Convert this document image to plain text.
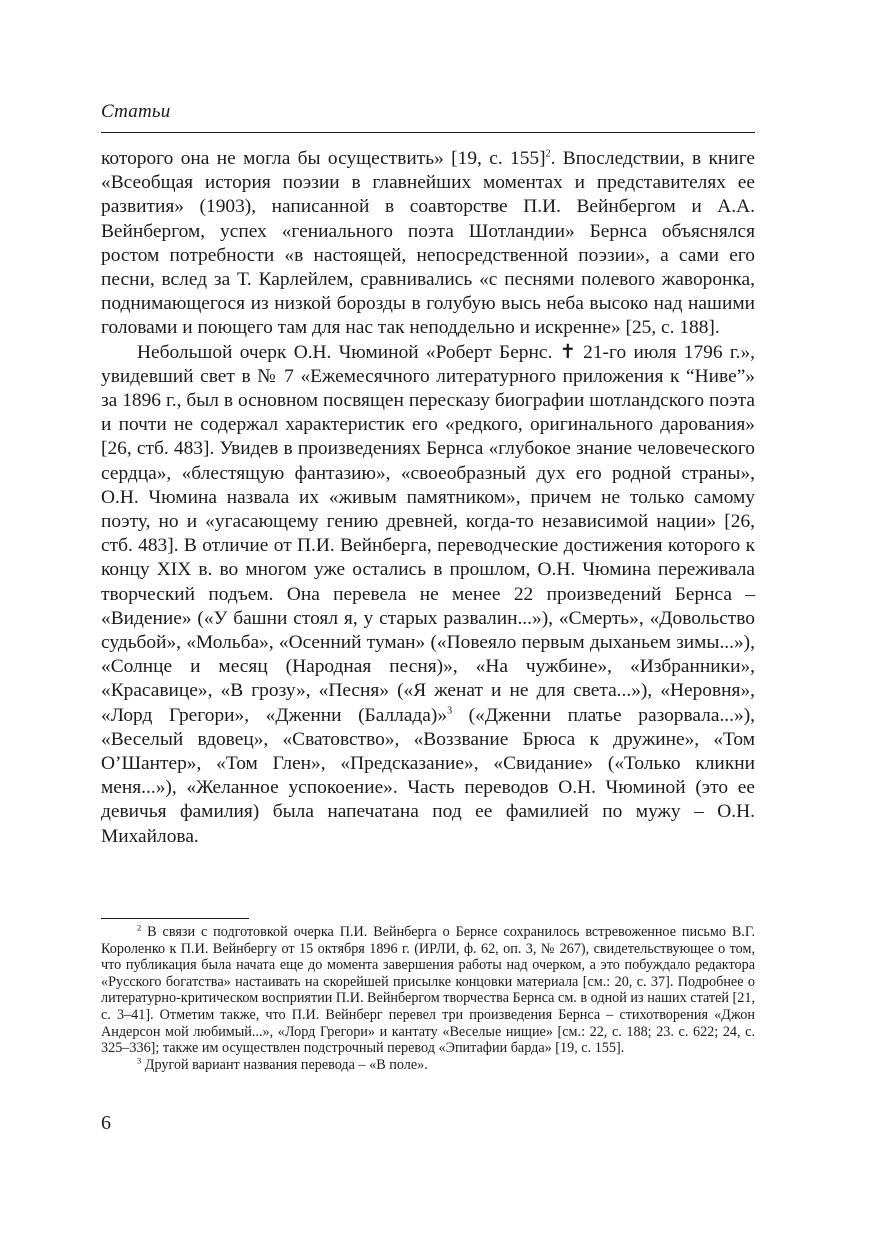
Статьи

которого она не могла бы осуществить» [19, с. 155]$^2$. Впоследствии, в книге «Всеобщая история поэзии в главнейших моментах и представителях ее развития» (1903), написанной в соавторстве П.И. Вейнбергом и А.А. Вейнбергом, успех «гениального поэта Шотландии» Бернса объяснялся ростом потребности «в настоящей, непосредственной поэзии», а сами его песни, вслед за Т. Карлейлем, сравнивались «с песнями полевого жаворонка, поднимающегося из низкой борозды в голубую высь неба высоко над нашими головами и поющего там для нас так неподдельно и искренне» [25, с. 188].

Небольшой очерк О.Н. Чюминой «Роберт Бернс. ✝ 21-го июля 1796 г.», увидевший свет в № 7 «Ежемесячного литературного приложения к “Ниве”» за 1896 г., был в основном посвящен пересказу биографии шотландского поэта и почти не содержал характеристик его «редкого, оригинального дарования» [26, стб. 483]. Увидев в произведениях Бернса «глубокое знание человеческого сердца», «блестящую фантазию», «своеобразный дух его родной страны», О.Н. Чюмина назвала их «живым памятником», причем не только самому поэту, но и «угасающему гению древней, когда-то независимой нации» [26, стб. 483]. В отличие от П.И. Вейнберга, переводческие достижения которого к концу XIX в. во многом уже остались в прошлом, О.Н. Чюмина переживала творческий подъем. Она перевела не менее 22 произведений Бернса – «Видение» («У башни стоял я, у старых развалин...»), «Смерть», «Довольство судьбой», «Мольба», «Осенний туман» («Повеяло первым дыханьем зимы...»), «Солнце и месяц (Народная песня)», «На чужбине», «Избранники», «Красавице», «В грозу», «Песня» («Я женат и не для света...»), «Неровня», «Лорд Грегори», «Дженни (Баллада)»$^3$ («Дженни платье разорвала...»), «Веселый вдовец», «Сватовство», «Воззвание Брюса к дружине», «Том О’Шантер», «Том Глен», «Предсказание», «Свидание» («Только кликни меня...»), «Желанное успокоение». Часть переводов О.Н. Чюминой (это ее девичья фамилия) была напечатана под ее фамилией по мужу – О.Н. Михайлова.

$^2$ В связи с подготовкой очерка П.И. Вейнберга о Бернсе сохранилось встревоженное письмо В.Г. Короленко к П.И. Вейнбергу от 15 октября 1896 г. (ИРЛИ, ф. 62, оп. 3, № 267), свидетельствующее о том, что публикация была начата еще до момента завершения работы над очерком, а это побуждало редактора «Русского богатства» настаивать на скорейшей присылке концовки материала [см.: 20, с. 37]. Подробнее о литературно-критическом восприятии П.И. Вейнбергом творчества Бернса см. в одной из наших статей [21, с. 3–41]. Отметим также, что П.И. Вейнберг перевел три произведения Бернса – стихотворения «Джон Андерсон мой любимый...», «Лорд Грегори» и кантату «Веселые нищие» [см.: 22, с. 188; 23. с. 622; 24, с. 325–336]; также им осуществлен подстрочный перевод «Эпитафии барда» [19, с. 155].

$^3$ Другой вариант названия перевода – «В поле».

6
